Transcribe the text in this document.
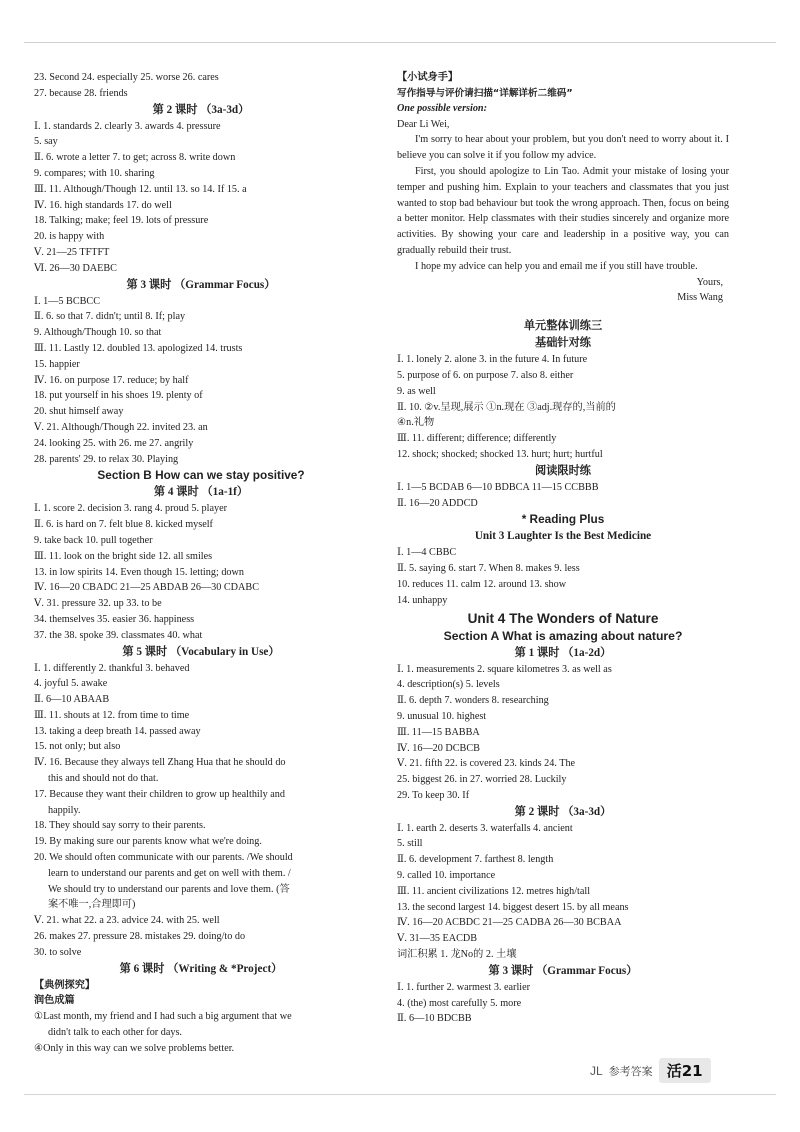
23. Second 24. especially 25. worse 26. cares
27. because 28. friends
第 2 课时 （3a-3d）
Ⅰ. 1. standards 2. clearly 3. awards 4. pressure
5. say
Ⅱ. 6. wrote a letter 7. to get; across 8. write down
9. compares; with 10. sharing
Ⅲ. 11. Although/Though 12. until 13. so 14. If 15. a
Ⅳ. 16. high standards 17. do well
18. Talking; make; feel 19. lots of pressure
20. is happy with
Ⅴ. 21—25 TFTFT
Ⅵ. 26—30 DAEBC
第 3 课时 （Grammar Focus）
Ⅰ. 1—5 BCBCC
Ⅱ. 6. so that 7. didn't; until 8. If; play
9. Although/Though 10. so that
Ⅲ. 11. Lastly 12. doubled 13. apologized 14. trusts
15. happier
Ⅳ. 16. on purpose 17. reduce; by half
18. put yourself in his shoes 19. plenty of
20. shut himself away
Ⅴ. 21. Although/Though 22. invited 23. an
24. looking 25. with 26. me 27. angrily
28. parents' 29. to relax 30. Playing
Section B How can we stay positive?
第 4 课时 （1a-1f）
Ⅰ. 1. score 2. decision 3. rang 4. proud 5. player
Ⅱ. 6. is hard on 7. felt blue 8. kicked myself
9. take back 10. pull together
Ⅲ. 11. look on the bright side 12. all smiles
13. in low spirits 14. Even though 15. letting; down
Ⅳ. 16—20 CBADC 21—25 ABDAB 26—30 CDABC
Ⅴ. 31. pressure 32. up 33. to be
34. themselves 35. easier 36. happiness
37. the 38. spoke 39. classmates 40. what
第 5 课时 （Vocabulary in Use）
Ⅰ. 1. differently 2. thankful 3. behaved
4. joyful 5. awake
Ⅱ. 6—10 ABAAB
Ⅲ. 11. shouts at 12. from time to time
13. taking a deep breath 14. passed away
15. not only; but also
Ⅳ. 16. Because they always tell Zhang Hua that he should do
this and should not do that.
17. Because they want their children to grow up healthily and
happily.
18. They should say sorry to their parents.
19. By making sure our parents know what we're doing.
20. We should often communicate with our parents. /We should
learn to understand our parents and get on well with them. /
We should try to understand our parents and love them. (答
案不唯一,合理即可)
Ⅴ. 21. what 22. a 23. advice 24. with 25. well
26. makes 27. pressure 28. mistakes 29. doing/to do
30. to solve
第 6 课时 （Writing & *Project）
【典例探究】
润色成篇
①Last month, my friend and I had such a big argument that we
didn't talk to each other for days.
④Only in this way can we solve problems better.
【小试身手】
写作指导与评价请扫描“详解详析二维码”
One possible version:
Dear Li Wei,
I'm sorry to hear about your problem, but you don't need to worry about it. I believe you can solve it if you follow my advice.
First, you should apologize to Lin Tao. Admit your mistake of losing your temper and pushing him. Explain to your teachers and classmates that you just wanted to stop bad behaviour but took the wrong approach. Then, focus on being a better monitor. Help classmates with their studies sincerely and organize more activities. By showing your care and leadership in a positive way, you can gradually rebuild their trust.
I hope my advice can help you and email me if you still have trouble.
Yours,
Miss Wang
单元整体训练三
基础针对练
Ⅰ. 1. lonely 2. alone 3. in the future 4. In future
5. purpose of 6. on purpose 7. also 8. either
9. as well
Ⅱ. 10. ②v.呈现,展示 ①n.现在 ③adj.现存的,当前的
④n.礼物
Ⅲ. 11. different; difference; differently
12. shock; shocked; shocked 13. hurt; hurt; hurtful
阅读限时练
Ⅰ. 1—5 BCDAB 6—10 BDBCA 11—15 CCBBB
Ⅱ. 16—20 ADDCD
* Reading Plus
Unit 3 Laughter Is the Best Medicine
Ⅰ. 1—4 CBBC
Ⅱ. 5. saying 6. start 7. When 8. makes 9. less
10. reduces 11. calm 12. around 13. show
14. unhappy
Unit 4 The Wonders of Nature
Section A What is amazing about nature?
第 1 课时 （1a-2d）
Ⅰ. 1. measurements 2. square kilometres 3. as well as
4. description(s) 5. levels
Ⅱ. 6. depth 7. wonders 8. researching
9. unusual 10. highest
Ⅲ. 11—15 BABBA
Ⅳ. 16—20 DCBCB
Ⅴ. 21. fifth 22. is covered 23. kinds 24. The
25. biggest 26. in 27. worried 28. Luckily
29. To keep 30. If
第 2 课时 （3a-3d）
Ⅰ. 1. earth 2. deserts 3. waterfalls 4. ancient
5. still
Ⅱ. 6. development 7. farthest 8. length
9. called 10. importance
Ⅲ. 11. ancient civilizations 12. metres high/tall
13. the second largest 14. biggest desert 15. by all means
Ⅳ. 16—20 ACBDC 21—25 CADBA 26—30 BCBAA
Ⅴ. 31—35 EACDB
词汇积累 1. 龙No的 2. 土壤
第 3 课时 （Grammar Focus）
Ⅰ. 1. further 2. warmest 3. earlier
4. (the) most carefully 5. more
Ⅱ. 6—10 BDCBB
JL 参考答案 活21
